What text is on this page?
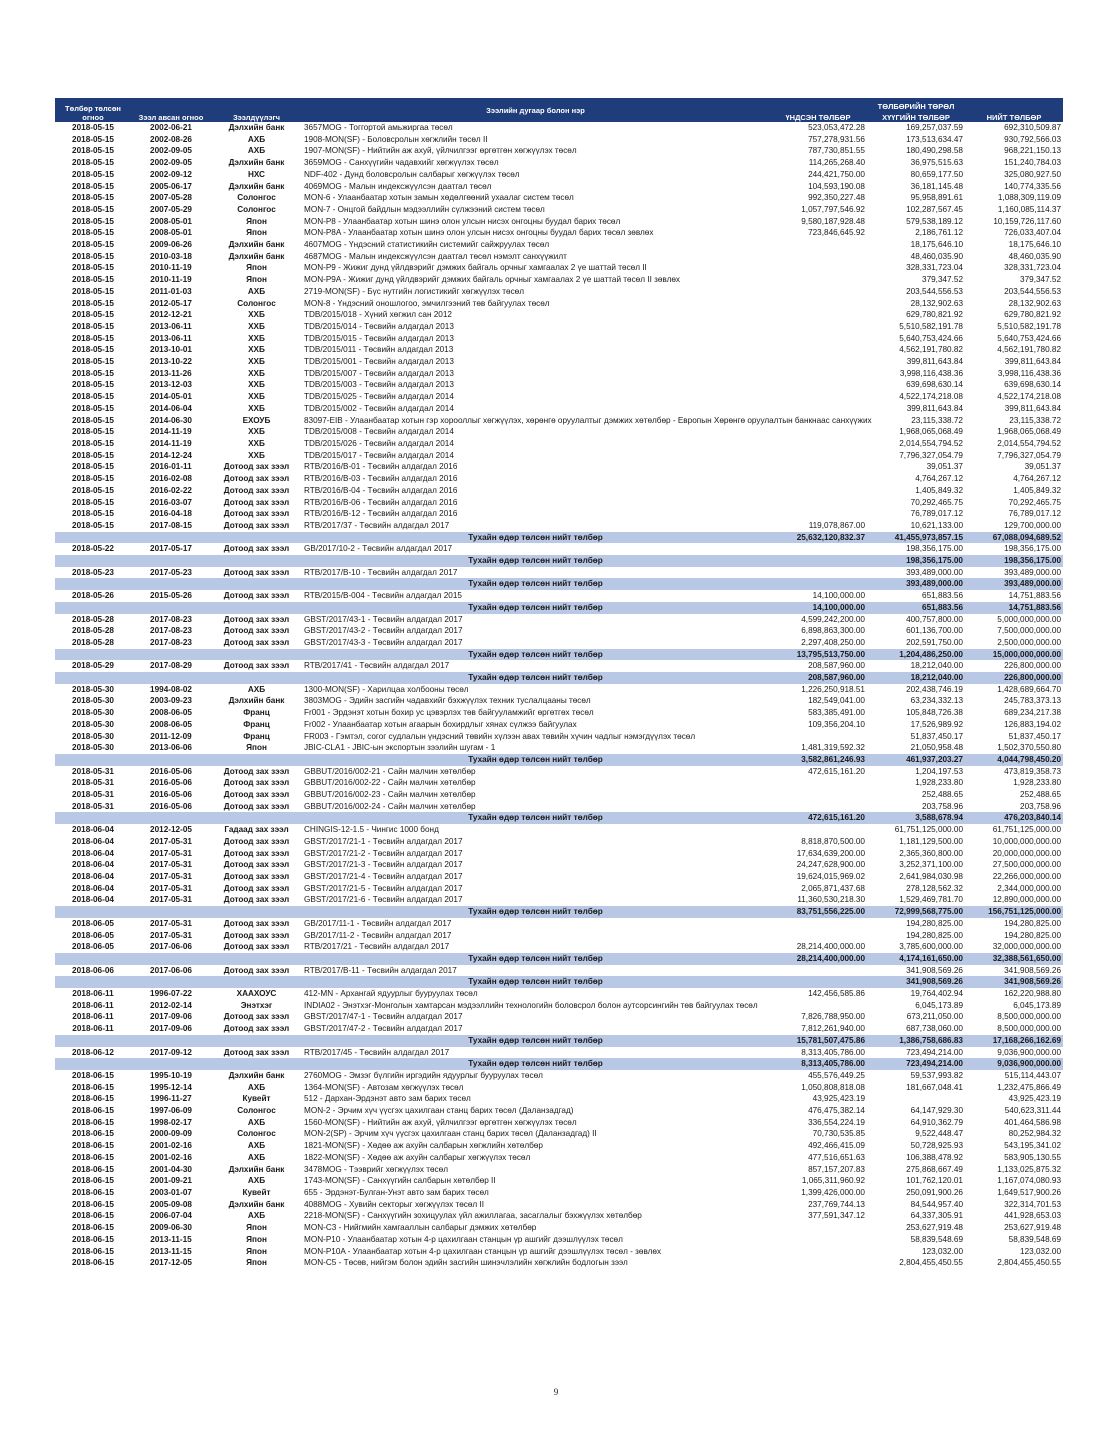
Төлбөр төлсөн огноо	Зээл авсан огноо	Зээлдүүлэгч	Зээлийн дугаар болон нэр	ТӨЛБӨРИЙН ТӨРӨЛ		
				ҮНДСЭН ТӨЛБӨР	ХҮҮГИЙН ТӨЛБӨР	НИЙТ ТӨЛБӨР
2018-05-15	2002-06-21	Дэлхийн банк	3657MOG - Тоггортой амьжиргаа төсөл	523,053,472.28	169,257,037.59	692,310,509.87
2018-05-15	2002-08-26	АХБ	1908-MON(SF) - Боловсролын хөгжлийн төсөл II	757,278,931.56	173,513,634.47	930,792,566.03
2018-05-15	2002-09-05	АХБ	1907-MON(SF) - Нийтийн аж ахуй, үйлчилгээг өргөтгөн хөгжүүлэх төсөл	787,730,851.55	180,490,298.58	968,221,150.13
2018-05-15	2002-09-05	Дэлхийн банк	3659MOG - Санхүүгийн чадавхийг хөгжүүлэх төсөл	114,265,268.40	36,975,515.63	151,240,784.03
2018-05-15	2002-09-12	НХС	NDF-402 - Дунд боловсролын салбарыг хөгжүүлэх төсөл	244,421,750.00	80,659,177.50	325,080,927.50
2018-05-15	2005-06-17	Дэлхийн банк	4069MOG - Малын индексжүүлсэн даатгал төсөл	104,593,190.08	36,181,145.48	140,774,335.56
2018-05-15	2007-05-28	Солонгос	MON-6 - Улаанбаатар хотын замын хөдөлгөөний ухаалаг систем төсөл	992,350,227.48	95,958,891.61	1,088,309,119.09
2018-05-15	2007-05-29	Солонгос	MON-7 - Онцгой байдлын мэдээллийн сүлжээний систем төсөл	1,057,797,546.92	102,287,567.45	1,160,085,114.37
2018-05-15	2008-05-01	Япон	MON-P8 - Улаанбаатар хотын шинэ олон улсын нисэх онгоцны буудал барих төсөл	9,580,187,928.48	579,538,189.12	10,159,726,117.60
2018-05-15	2008-05-01	Япон	MON-P8A - Улаанбаатар хотын шинэ олон улсын нисэх онгоцны буудал барих төсөл зөвлөх	723,846,645.92	2,186,761.12	726,033,407.04
2018-05-15	2009-06-26	Дэлхийн банк	4607MOG - Үндэсний статистикийн системийг сайжруулах төсөл		18,175,646.10	18,175,646.10
2018-05-15	2010-03-18	Дэлхийн банк	4687MOG - Малын индексжүүлсэн даатгал төсөл нэмэлт санхүүжилт		48,460,035.90	48,460,035.90
2018-05-15	2010-11-19	Япон	MON-P9 - Жижиг дунд үйлдвэрийг дэмжих байгаль орчныг хамгаалах 2 үе шаттай төсөл II		328,331,723.04	328,331,723.04
2018-05-15	2010-11-19	Япон	MON-P9A - Жижиг дунд үйлдвэрийг дэмжих байгаль орчныг хамгаалах 2 үе шаттай төсөл II зөвлөх		379,347.52	379,347.52
2018-05-15	2011-01-03	АХБ	2719-MON(SF) - Бүс нутгийн логистикийг хөгжүүлэх төсөл		203,544,556.53	203,544,556.53
2018-05-15	2012-05-17	Солонгос	MON-8 - Үндэсний оношлогоо, эмчилгээний төв байгуулах төсөл		28,132,902.63	28,132,902.63
2018-05-15	2012-12-21	ХХБ	TDB/2015/018 - Хүний хөгжил сан 2012		629,780,821.92	629,780,821.92
2018-05-15	2013-06-11	ХХБ	TDB/2015/014 - Төсвийн алдагдал 2013		5,510,582,191.78	5,510,582,191.78
2018-05-15	2013-06-11	ХХБ	TDB/2015/015 - Төсвийн алдагдал 2013		5,640,753,424.66	5,640,753,424.66
2018-05-15	2013-10-01	ХХБ	TDB/2015/011 - Төсвийн алдагдал 2013		4,562,191,780.82	4,562,191,780.82
2018-05-15	2013-10-22	ХХБ	TDB/2015/001 - Төсвийн алдагдал 2013		399,811,643.84	399,811,643.84
2018-05-15	2013-11-26	ХХБ	TDB/2015/007 - Төсвийн алдагдал 2013		3,998,116,438.36	3,998,116,438.36
2018-05-15	2013-12-03	ХХБ	TDB/2015/003 - Төсвийн алдагдал 2013		639,698,630.14	639,698,630.14
2018-05-15	2014-05-01	ХХБ	TDB/2015/025 - Төсвийн алдагдал 2014		4,522,174,218.08	4,522,174,218.08
2018-05-15	2014-06-04	ХХБ	TDB/2015/002 - Төсвийн алдагдал 2014		399,811,643.84	399,811,643.84
2018-05-15	2014-06-30	ЕХОУБ	83097-EIB - Улаанбаатар хотын гэр хорооллыг хөгжүүлэх, хөрөнгө оруулалтыг дэмжих хөтөлбөр - Европын Хөрөнгө оруулалтын банкнаас санхүүжих		23,115,338.72	23,115,338.72
2018-05-15	2014-11-19	ХХБ	TDB/2015/008 - Төсвийн алдагдал 2014		1,968,065,068.49	1,968,065,068.49
2018-05-15	2014-11-19	ХХБ	TDB/2015/026 - Төсвийн алдагдал 2014		2,014,554,794.52	2,014,554,794.52
2018-05-15	2014-12-24	ХХБ	TDB/2015/017 - Төсвийн алдагдал 2014		7,796,327,054.79	7,796,327,054.79
2018-05-15	2016-01-11	Дотоод зах зээл	RTB/2016/B-01 - Төсвийн алдагдал 2016		39,051.37	39,051.37
2018-05-15	2016-02-08	Дотоод зах зээл	RTB/2016/B-03 - Төсвийн алдагдал 2016		4,764,267.12	4,764,267.12
2018-05-15	2016-02-22	Дотоод зах зээл	RTB/2016/B-04 - Төсвийн алдагдал 2016		1,405,849.32	1,405,849.32
2018-05-15	2016-03-07	Дотоод зах зээл	RTB/2016/B-06 - Төсвийн алдагдал 2016		70,292,465.75	70,292,465.75
2018-05-15	2016-04-18	Дотоод зах зээл	RTB/2016/B-12 - Төсвийн алдагдал 2016		76,789,017.12	76,789,017.12
2018-05-15	2017-08-15	Дотоод зах зээл	RTB/2017/37 - Төсвийн алдагдал 2017	119,078,867.00	10,621,133.00	129,700,000.00
			Тухайн өдөр төлсөн нийт төлбөр	25,632,120,832.37	41,455,973,857.15	67,088,094,689.52
2018-05-22	2017-05-17	Дотоод зах зээл	GB/2017/10-2 - Төсвийн алдагдал 2017		198,356,175.00	198,356,175.00
			Тухайн өдөр төлсөн нийт төлбөр		198,356,175.00	198,356,175.00
2018-05-23	2017-05-23	Дотоод зах зээл	RTB/2017/B-10 - Төсвийн алдагдал 2017		393,489,000.00	393,489,000.00
			Тухайн өдөр төлсөн нийт төлбөр		393,489,000.00	393,489,000.00
2018-05-26	2015-05-26	Дотоод зах зээл	RTB/2015/B-004 - Төсвийн алдагдал 2015	14,100,000.00	651,883.56	14,751,883.56
			Тухайн өдөр төлсөн нийт төлбөр	14,100,000.00	651,883.56	14,751,883.56
2018-05-28	2017-08-23	Дотоод зах зээл	GBST/2017/43-1 - Төсвийн алдагдал 2017	4,599,242,200.00	400,757,800.00	5,000,000,000.00
2018-05-28	2017-08-23	Дотоод зах зээл	GBST/2017/43-2 - Төсвийн алдагдал 2017	6,898,863,300.00	601,136,700.00	7,500,000,000.00
2018-05-28	2017-08-23	Дотоод зах зээл	GBST/2017/43-3 - Төсвийн алдагдал 2017	2,297,408,250.00	202,591,750.00	2,500,000,000.00
			Тухайн өдөр төлсөн нийт төлбөр	13,795,513,750.00	1,204,486,250.00	15,000,000,000.00
2018-05-29	2017-08-29	Дотоод зах зээл	RTB/2017/41 - Төсвийн алдагдал 2017	208,587,960.00	18,212,040.00	226,800,000.00
			Тухайн өдөр төлсөн нийт төлбөр	208,587,960.00	18,212,040.00	226,800,000.00
2018-05-30	1994-08-02	АХБ	1300-MON(SF) - Харилцаа холбооны төсөл	1,226,250,918.51	202,438,746.19	1,428,689,664.70
2018-05-30	2003-09-23	Дэлхийн банк	3803MOG - Эдийн засгийн чадавхийг бэхжүүлэх техник туслалцааны төсөл	182,549,041.00	63,234,332.13	245,783,373.13
2018-05-30	2008-06-05	Франц	Fr001 - Эрдэнэт хотын бохир ус цэвэрлэх төв байгууламжийг өргөтгөх төсөл	583,385,491.00	105,848,726.38	689,234,217.38
2018-05-30	2008-06-05	Франц	Fr002 - Улаанбаатар хотын агаарын бохирдлыг хянах сүлжээ байгуулах	109,356,204.10	17,526,989.92	126,883,194.02
2018-05-30	2011-12-09	Франц	FR003 - Гэмтэл, согог судлалын үндэсний төвийн хүлээн авах төвийн хүчин чадлыг нэмэгдүүлэх төсөл		51,837,450.17	51,837,450.17
2018-05-30	2013-06-06	Япон	JBIC-CLA1 - JBIC-ын экспортын зээлийн шугам - 1	1,481,319,592.32	21,050,958.48	1,502,370,550.80
			Тухайн өдөр төлсөн нийт төлбөр	3,582,861,246.93	461,937,203.27	4,044,798,450.20
2018-05-31	2016-05-06	Дотоод зах зээл	GBBUT/2016/002-21 - Сайн малчин хөтөлбөр	472,615,161.20	1,204,197.53	473,819,358.73
2018-05-31	2016-05-06	Дотоод зах зээл	GBBUT/2016/002-22 - Сайн малчин хөтөлбөр		1,928,233.80	1,928,233.80
2018-05-31	2016-05-06	Дотоод зах зээл	GBBUT/2016/002-23 - Сайн малчин хөтөлбөр		252,488.65	252,488.65
2018-05-31	2016-05-06	Дотоод зах зээл	GBBUT/2016/002-24 - Сайн малчин хөтөлбөр		203,758.96	203,758.96
			Тухайн өдөр төлсөн нийт төлбөр	472,615,161.20	3,588,678.94	476,203,840.14
2018-06-04	2012-12-05	Гадаад зах зээл	CHINGIS-12-1.5 - Чингис 1000 бонд		61,751,125,000.00	61,751,125,000.00
2018-06-04	2017-05-31	Дотоод зах зээл	GBST/2017/21-1 - Төсвийн алдагдал 2017	8,818,870,500.00	1,181,129,500.00	10,000,000,000.00
2018-06-04	2017-05-31	Дотоод зах зээл	GBST/2017/21-2 - Төсвийн алдагдал 2017	17,634,639,200.00	2,365,360,800.00	20,000,000,000.00
2018-06-04	2017-05-31	Дотоод зах зээл	GBST/2017/21-3 - Төсвийн алдагдал 2017	24,247,628,900.00	3,252,371,100.00	27,500,000,000.00
2018-06-04	2017-05-31	Дотоод зах зээл	GBST/2017/21-4 - Төсвийн алдагдал 2017	19,624,015,969.02	2,641,984,030.98	22,266,000,000.00
2018-06-04	2017-05-31	Дотоод зах зээл	GBST/2017/21-5 - Төсвийн алдагдал 2017	2,065,871,437.68	278,128,562.32	2,344,000,000.00
2018-06-04	2017-05-31	Дотоод зах зээл	GBST/2017/21-6 - Төсвийн алдагдал 2017	11,360,530,218.30	1,529,469,781.70	12,890,000,000.00
			Тухайн өдөр төлсөн нийт төлбөр	83,751,556,225.00	72,999,568,775.00	156,751,125,000.00
2018-06-05	2017-05-31	Дотоод зах зээл	GB/2017/11-1 - Төсвийн алдагдал 2017		194,280,825.00	194,280,825.00
2018-06-05	2017-05-31	Дотоод зах зээл	GB/2017/11-2 - Төсвийн алдагдал 2017		194,280,825.00	194,280,825.00
2018-06-05	2017-06-06	Дотоод зах зээл	RTB/2017/21 - Төсвийн алдагдал 2017	28,214,400,000.00	3,785,600,000.00	32,000,000,000.00
			Тухайн өдөр төлсөн нийт төлбөр	28,214,400,000.00	4,174,161,650.00	32,388,561,650.00
2018-06-06	2017-06-06	Дотоод зах зээл	RTB/2017/B-11 - Төсвийн алдагдал 2017		341,908,569.26	341,908,569.26
			Тухайн өдөр төлсөн нийт төлбөр		341,908,569.26	341,908,569.26
2018-06-11	1996-07-22	ХААХОУС	412-MN - Архангай ядуурлыг бууруулах төсөл	142,456,585.86	19,764,402.94	162,220,988.80
2018-06-11	2012-02-14	Энэтхэг	INDIA02 - Энэтхэг-Монголын хамтарсан мэдээллийн технологийн боловсрол болон аутсорсингийн төв байгуулах төсөл		6,045,173.89	6,045,173.89
2018-06-11	2017-09-06	Дотоод зах зээл	GBST/2017/47-1 - Төсвийн алдагдал 2017	7,826,788,950.00	673,211,050.00	8,500,000,000.00
2018-06-11	2017-09-06	Дотоод зах зээл	GBST/2017/47-2 - Төсвийн алдагдал 2017	7,812,261,940.00	687,738,060.00	8,500,000,000.00
			Тухайн өдөр төлсөн нийт төлбөр	15,781,507,475.86	1,386,758,686.83	17,168,266,162.69
2018-06-12	2017-09-12	Дотоод зах зээл	RTB/2017/45 - Төсвийн алдагдал 2017	8,313,405,786.00	723,494,214.00	9,036,900,000.00
			Тухайн өдөр төлсөн нийт төлбөр	8,313,405,786.00	723,494,214.00	9,036,900,000.00
2018-06-15	1995-10-19	Дэлхийн банк	2760MOG - Эмзэг бүлгийн иргэдийн ядуурлыг бууруулах төсөл	455,576,449.25	59,537,993.82	515,114,443.07
2018-06-15	1995-12-14	АХБ	1364-MON(SF) - Автозам хөгжүүлэх төсөл	1,050,808,818.08	181,667,048.41	1,232,475,866.49
2018-06-15	1996-11-27	Кувейт	512 - Дархан-Эрдэнэт авто зам барих төсөл	43,925,423.19		43,925,423.19
2018-06-15	1997-06-09	Солонгос	MON-2 - Эрчим хүч үүсгэх цахилгаан станц барих төсөл (Даланзадгад)	476,475,382.14	64,147,929.30	540,623,311.44
2018-06-15	1998-02-17	АХБ	1560-MON(SF) - Нийтийн аж ахуй, үйлчилгээг өргөтгөн хөгжүүлэх төсөл	336,554,224.19	64,910,362.79	401,464,586.98
2018-06-15	2000-09-09	Солонгос	MON-2(SP) - Эрчим хүч үүсгэх цахилгаан станц барих төсөл (Даланзадгад) II	70,730,535.85	9,522,448.47	80,252,984.32
2018-06-15	2001-02-16	АХБ	1821-MON(SF) - Хөдөө аж ахуйн салбарын хөгжлийн хөтөлбөр	492,466,415.09	50,728,925.93	543,195,341.02
2018-06-15	2001-02-16	АХБ	1822-MON(SF) - Хөдөө аж ахуйн салбарыг хөгжүүлэх төсөл	477,516,651.63	106,388,478.92	583,905,130.55
2018-06-15	2001-04-30	Дэлхийн банк	3478MOG - Тээврийг хөгжүүлэх төсөл	857,157,207.83	275,868,667.49	1,133,025,875.32
2018-06-15	2001-09-21	АХБ	1743-MON(SF) - Санхүүгийн салбарын хөтөлбөр II	1,065,311,960.92	101,762,120.01	1,167,074,080.93
2018-06-15	2003-01-07	Кувейт	655 - Эрдэнэт-Булган-Унэт авто зам барих төсөл	1,399,426,000.00	250,091,900.26	1,649,517,900.26
2018-06-15	2005-09-08	Дэлхийн банк	4088MOG - Хувийн секторыг хөгжүүлэх төсөл II	237,769,744.13	84,544,957.40	322,314,701.53
2018-06-15	2006-07-04	АХБ	2218-MON(SF) - Санхүүгийн зохицуулах үйл ажиллагаа, засаглалыг бэхжүүлэх хөтөлбөр	377,591,347.12	64,337,305.91	441,928,653.03
2018-06-15	2009-06-30	Япон	MON-C3 - Нийгмийн хамгааллын салбарыг дэмжих хөтөлбөр		253,627,919.48	253,627,919.48
2018-06-15	2013-11-15	Япон	MON-P10 - Улаанбаатар хотын 4-р цахилгаан станцын үр ашгийг дээшлүүлэх төсөл		58,839,548.69	58,839,548.69
2018-06-15	2013-11-15	Япон	MON-P10A - Улаанбаатар хотын 4-р цахилгаан станцын үр ашгийг дээшлүүлэх төсөл - зөвлөх		123,032.00	123,032.00
2018-06-15	2017-12-05	Япон	MON-C5 - Төсөв, нийгэм болон эдийн засгийн шинэчлэлийн хөгжлийн бодлогын зээл		2,804,455,450.55	2,804,455,450.55
9
